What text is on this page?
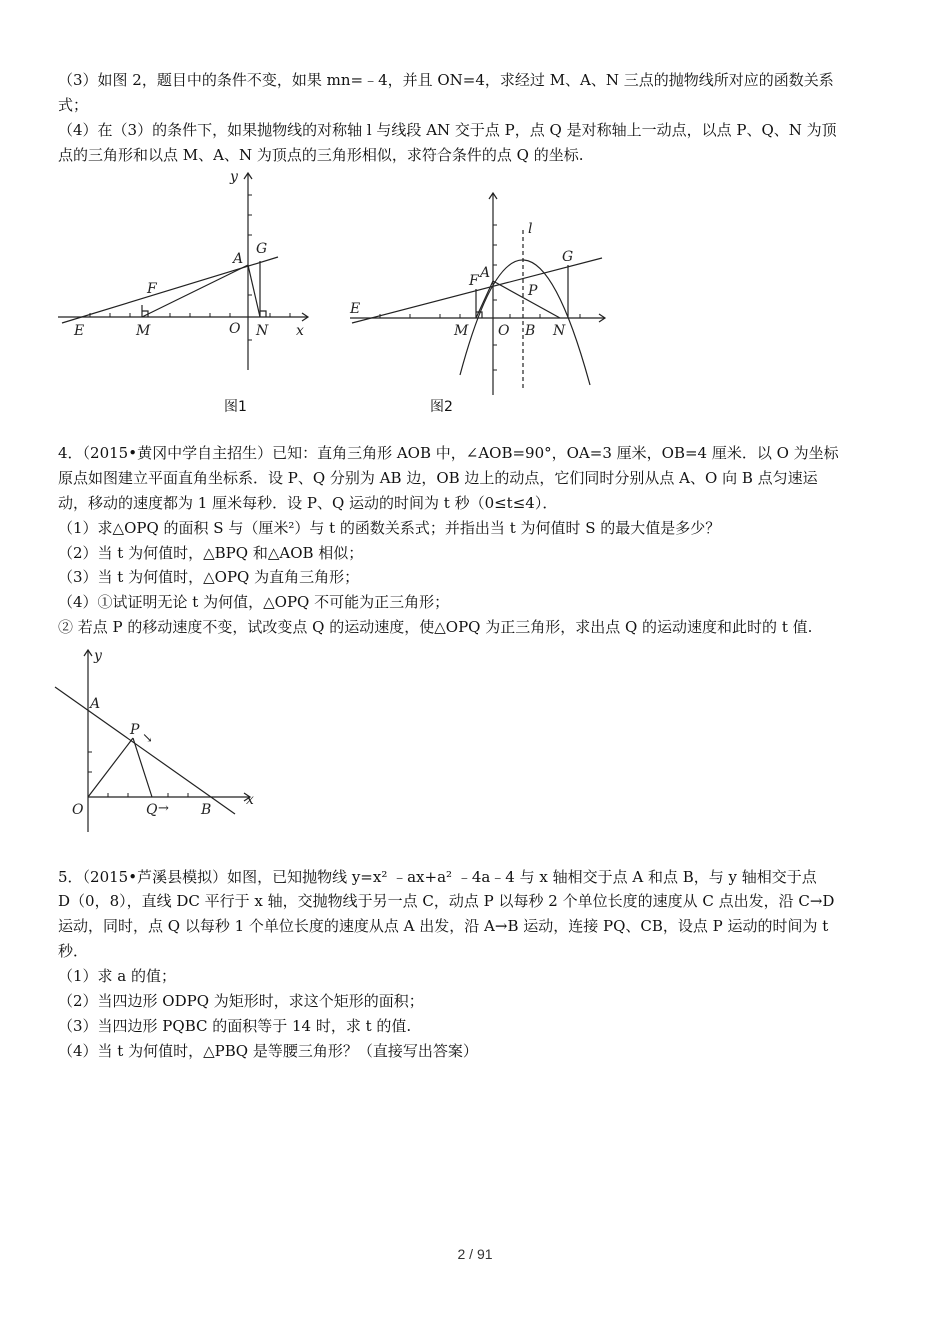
（3）如图 2，题目中的条件不变，如果 mn=﹣4，并且 ON=4，求经过 M、A、N 三点的抛物线所对应的函数关系
式；
（4）在（3）的条件下，如果抛物线的对称轴 l 与线段 AN 交于点 P，点 Q 是对称轴上一动点，以点 P、Q、N 为顶
点的三角形和以点 M、A、N 为顶点的三角形相似，求符合条件的点 Q 的坐标.
y
x
A
G
F
E	M	O N
图1
l
G
F A
P
E
M O B N
图2
4．（2015•黄冈中学自主招生）已知：直角三角形 AOB 中，∠AOB=90°，OA=3 厘米，OB=4 厘米．以 O 为坐标
原点如图建立平面直角坐标系．设 P、Q 分别为 AB 边，OB 边上的动点，它们同时分别从点 A、O 向 B 点匀速运
动，移动的速度都为 1 厘米每秒．设 P、Q 运动的时间为 t 秒（0≤t≤4）．
（1）求△OPQ 的面积 S 与（厘米²）与 t 的函数关系式；并指出当 t 为何值时 S 的最大值是多少？
（2）当 t 为何值时，△BPQ 和△AOB 相似；
（3）当 t 为何值时，△OPQ 为直角三角形；
（4）①试证明无论 t 为何值，△OPQ 不可能为正三角形；
② 若点 P 的移动速度不变，试改变点 Q 的运动速度，使△OPQ 为正三角形，求出点 Q 的运动速度和此时的 t 值.
y
x
A
P
↘
O	Q → B
5．（2015•芦溪县模拟）如图，已知抛物线 y=x² ﹣ax+a² ﹣4a﹣4 与 x 轴相交于点 A 和点 B，与 y 轴相交于点
D（0，8），直线 DC 平行于 x 轴，交抛物线于另一点 C，动点 P 以每秒 2 个单位长度的速度从 C 点出发，沿 C→D
运动，同时，点 Q 以每秒 1 个单位长度的速度从点 A 出发，沿 A→B 运动，连接 PQ、CB，设点 P 运动的时间为 t
秒．
（1）求 a 的值；
（2）当四边形 ODPQ 为矩形时，求这个矩形的面积；
（3）当四边形 PQBC 的面积等于 14 时，求 t 的值.
（4）当 t 为何值时，△PBQ 是等腰三角形？（直接写出答案）
2 / 91
